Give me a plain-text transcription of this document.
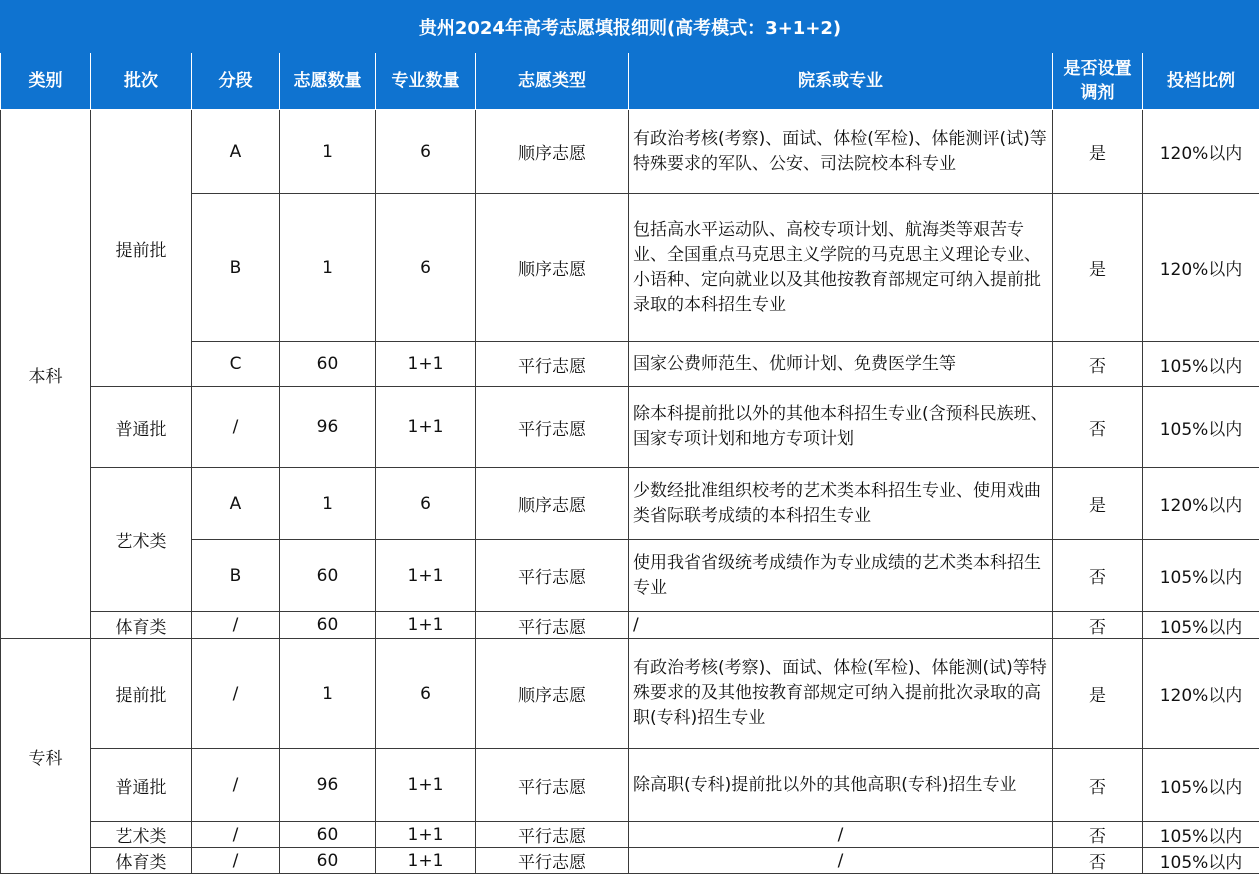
贵州2024年高考志愿填报细则(高考模式：3+1+2)								
类别	批次	分段	志愿数量	专业数量	志愿类型	院系或专业	是否设置调剂	投档比例
本科	提前批	A	1	6	顺序志愿	有政治考核(考察)、面试、体检(军检)、体能测评(试)等特殊要求的军队、公安、司法院校本科专业	是	120%以内
		B	1	6	顺序志愿	包括高水平运动队、高校专项计划、航海类等艰苦专业、全国重点马克思主义学院的马克思主义理论专业、小语种、定向就业以及其他按教育部规定可纳入提前批录取的本科招生专业	是	120%以内
		C	60	1+1	平行志愿	国家公费师范生、优师计划、免费医学生等	否	105%以内
	普通批	/	96	1+1	平行志愿	除本科提前批以外的其他本科招生专业(含预科民族班、国家专项计划和地方专项计划	否	105%以内
	艺术类	A	1	6	顺序志愿	少数经批准组织校考的艺术类本科招生专业、使用戏曲类省际联考成绩的本科招生专业	是	120%以内
		B	60	1+1	平行志愿	使用我省省级统考成绩作为专业成绩的艺术类本科招生专业	否	105%以内
	体育类	/	60	1+1	平行志愿	/	否	105%以内
专科	提前批	/	1	6	顺序志愿	有政治考核(考察)、面试、体检(军检)、体能测(试)等特殊要求的及其他按教育部规定可纳入提前批次录取的高职(专科)招生专业	是	120%以内
	普通批	/	96	1+1	平行志愿	除高职(专科)提前批以外的其他高职(专科)招生专业	否	105%以内
	艺术类	/	60	1+1	平行志愿	/	否	105%以内
	体育类	/	60	1+1	平行志愿	/	否	105%以内
